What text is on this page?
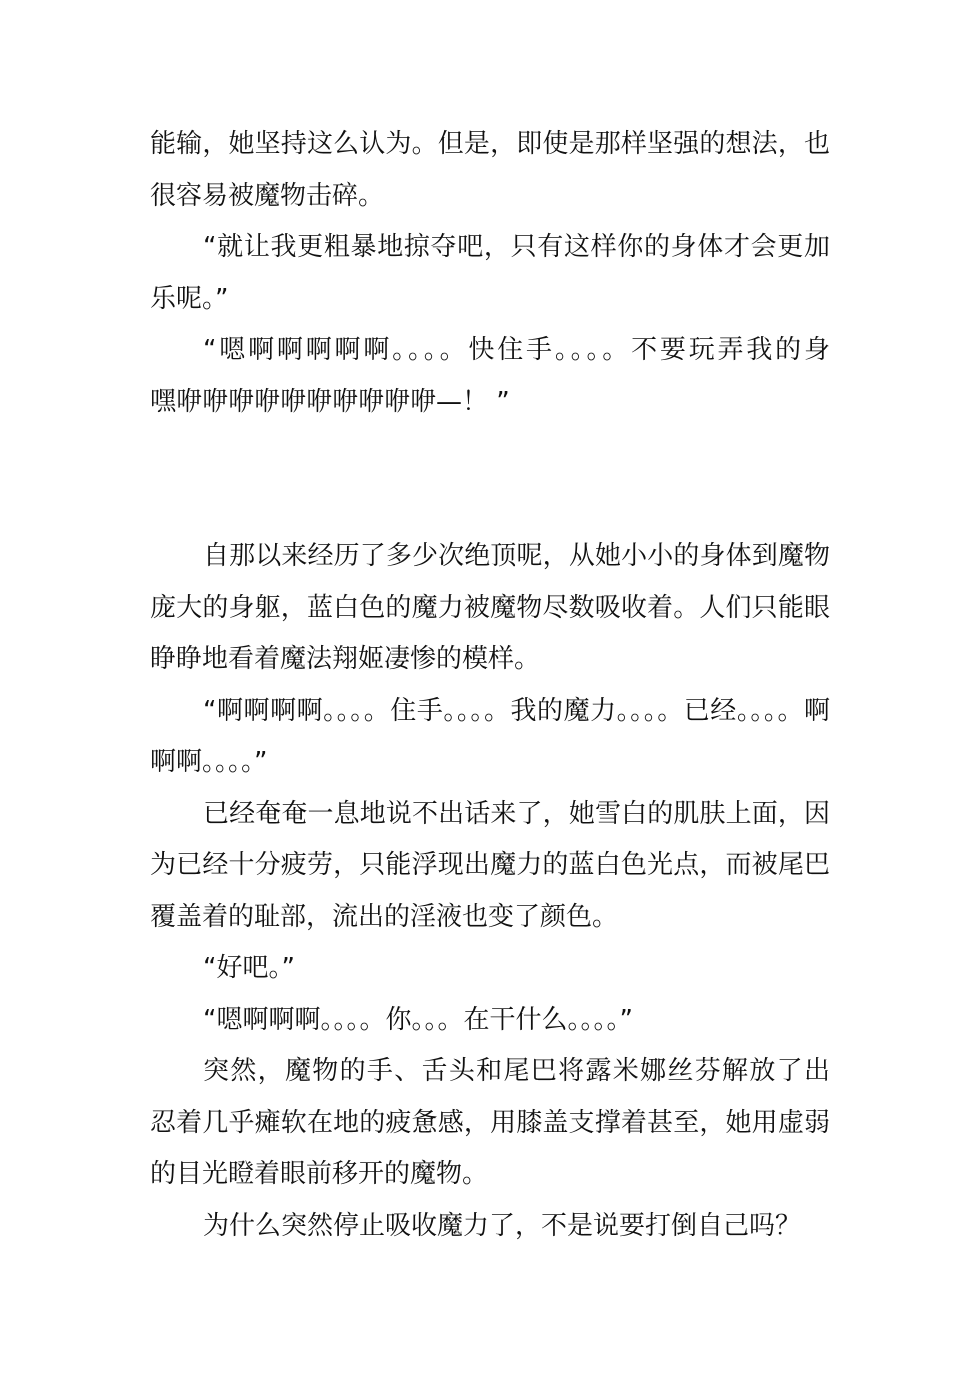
能输，她坚持这么认为。但是，即使是那样坚强的想法，也
很容易被魔物击碎。
“就让我更粗暴地掠夺吧，只有这样你的身体才会更加
乐呢。”
“嗯啊啊啊啊啊。。。。快住手。。。。不要玩弄我的身
嘿咿咿咿咿咿咿咿咿咿咿—！ ”
自那以来经历了多少次绝顶呢，从她小小的身体到魔物
庞大的身躯，蓝白色的魔力被魔物尽数吸收着。人们只能眼
睁睁地看着魔法翔姬凄惨的模样。
“啊啊啊啊。。。。住手。。。。我的魔力。。。。已经。。。。啊
啊啊。。。。”
已经奄奄一息地说不出话来了，她雪白的肌肤上面，因
为已经十分疲劳，只能浮现出魔力的蓝白色光点，而被尾巴
覆盖着的耻部，流出的淫液也变了颜色。
“好吧。”
“嗯啊啊啊。。。。你。。。在干什么。。。。”
突然，魔物的手、舌头和尾巴将露米娜丝芬解放了出
忍着几乎瘫软在地的疲惫感，用膝盖支撑着甚至，她用虚弱
的目光瞪着眼前移开的魔物。
为什么突然停止吸收魔力了，不是说要打倒自己吗？
